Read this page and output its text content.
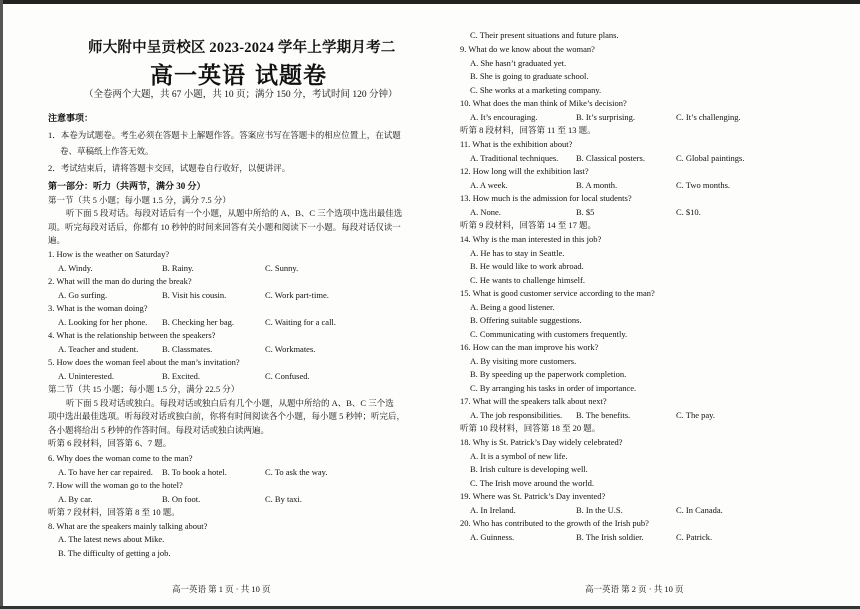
师大附中呈贡校区 2023-2024 学年上学期月考二
高一英语 试题卷
（全卷两个大题，共 67 小题，共 10 页；满分 150 分，考试时间 120 分钟）
注意事项：
1．本卷为试题卷。考生必须在答题卡上解题作答。答案应书写在答题卡的相应位置上，在试题
卷、草稿纸上作答无效。
2．考试结束后，请将答题卡交回，试题卷自行收好，以便讲评。
第一部分：听力（共两节，满分 30 分）
第一节（共 5 小题；每小题 1.5 分，满分 7.5 分）
听下面 5 段对话。每段对话后有一个小题，从题中所给的 A、B、C 三个选项中选出最佳选
项。听完每段对话后，你都有 10 秒钟的时间来回答有关小题和阅读下一小题。每段对话仅读一
遍。
1. How is the weather on Saturday?
A. Windy.	B. Rainy.	C. Sunny.
2. What will the man do during the break?
A. Go surfing.	B. Visit his cousin.	C. Work part-time.
3. What is the woman doing?
A. Looking for her phone. B. Checking her bag.	C. Waiting for a call.
4. What is the relationship between the speakers?
A. Teacher and student.	B. Classmates.	C. Workmates.
5. How does the woman feel about the man’s invitation?
A. Uninterested.	B. Excited.	C. Confused.
第二节（共 15 小题；每小题 1.5 分，满分 22.5 分）
听下面 5 段对话或独白。每段对话或独白后有几个小题，从题中所给的 A、B、C 三个选
项中选出最佳选项。听每段对话或独白前，你将有时间阅读各个小题，每小题 5 秒钟；听完后，
各小题将给出 5 秒钟的作答时间。每段对话或独白读两遍。
听第 6 段材料，回答第 6、7 题。
6. Why does the woman come to the man?
A. To have her car repaired. B. To book a hotel.	C. To ask the way.
7. How will the woman go to the hotel?
A. By car.	B. On foot.	C. By taxi.
听第 7 段材料，回答第 8 至 10 题。
8. What are the speakers mainly talking about?
A. The latest news about Mike.
B. The difficulty of getting a job.
高一英语 第 1 页 · 共 10 页
C. Their present situations and future plans.
9. What do we know about the woman?
A. She hasn’t graduated yet.
B. She is going to graduate school.
C. She works at a marketing company.
10. What does the man think of Mike’s decision?
A. It’s encouraging.	B. It’s surprising.	C. It’s challenging.
听第 8 段材料，回答第 11 至 13 题。
11. What is the exhibition about?
A. Traditional techniques. B. Classical posters.	C. Global paintings.
12. How long will the exhibition last?
A. A week.	B. A month.	C. Two months.
13. How much is the admission for local students?
A. None.	B. $5	C. $10.
听第 9 段材料，回答第 14 至 17 题。
14. Why is the man interested in this job?
A. He has to stay in Seattle.
B. He would like to work abroad.
C. He wants to challenge himself.
15. What is good customer service according to the man?
A. Being a good listener.
B. Offering suitable suggestions.
C. Communicating with customers frequently.
16. How can the man improve his work?
A. By visiting more customers.
B. By speeding up the paperwork completion.
C. By arranging his tasks in order of importance.
17. What will the speakers talk about next?
A. The job responsibilities. B. The benefits.	C. The pay.
听第 10 段材料，回答第 18 至 20 题。
18. Why is St. Patrick’s Day widely celebrated?
A. It is a symbol of new life.
B. Irish culture is developing well.
C. The Irish move around the world.
19. Where was St. Patrick’s Day invented?
A. In Ireland.	B. In the U.S.	C. In Canada.
20. Who has contributed to the growth of the Irish pub?
A. Guinness.	B. The Irish soldier.	C. Patrick.
高一英语 第 2 页 · 共 10 页
